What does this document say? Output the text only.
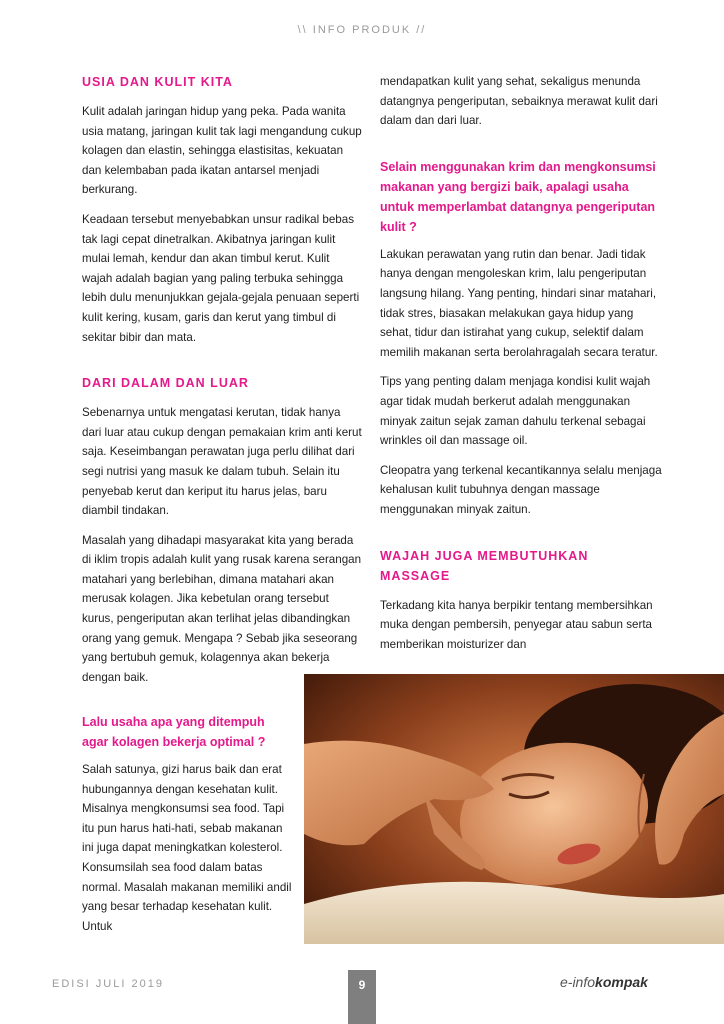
\\ INFO PRODUK //
USIA DAN KULIT KITA

Kulit adalah jaringan hidup yang peka. Pada wanita usia matang, jaringan kulit tak lagi mengandung cukup kolagen dan elastin, sehingga elastisitas, kekuatan dan kelembaban pada ikatan antarsel menjadi berkurang.

Keadaan tersebut menyebabkan unsur radikal bebas tak lagi cepat dinetralkan. Akibatnya jaringan kulit mulai lemah, kendur dan akan timbul kerut. Kulit wajah adalah bagian yang paling terbuka sehingga lebih dulu menunjukkan gejala-gejala penuaan seperti kulit kering, kusam, garis dan kerut yang timbul di sekitar bibir dan mata.

DARI DALAM DAN LUAR

Sebenarnya untuk mengatasi kerutan, tidak hanya dari luar atau cukup dengan pemakaian krim anti kerut saja. Keseimbangan perawatan juga perlu dilihat dari segi nutrisi yang masuk ke dalam tubuh. Selain itu penyebab kerut dan keriput itu harus jelas, baru diambil tindakan.

Masalah yang dihadapi masyarakat kita yang berada di iklim tropis adalah kulit yang rusak karena serangan matahari yang berlebihan, dimana matahari akan merusak kolagen. Jika kebetulan orang tersebut kurus, pengeriputan akan terlihat jelas dibandingkan orang yang gemuk. Mengapa ? Sebab jika seseorang yang bertubuh gemuk, kolagennya akan bekerja dengan baik.

Lalu usaha apa yang ditempuh agar kolagen bekerja optimal ?

Salah satunya, gizi harus baik dan erat hubungannya dengan kesehatan kulit. Misalnya mengkonsumsi sea food. Tapi itu pun harus hati-hati, sebab makanan ini juga dapat meningkatkan kolesterol. Konsumsilah sea food dalam batas normal. Masalah makanan memiliki andil yang besar terhadap kesehatan kulit. Untuk

mendapatkan kulit yang sehat, sekaligus menunda datangnya pengeriputan, sebaiknya merawat kulit dari dalam dan dari luar.

Selain menggunakan krim dan mengkonsumsi makanan yang bergizi baik, apalagi usaha untuk memperlambat datangnya pengeriputan kulit ?

Lakukan perawatan yang rutin dan benar. Jadi tidak hanya dengan mengoleskan krim, lalu pengeriputan langsung hilang. Yang penting, hindari sinar matahari, tidak stres, biasakan melakukan gaya hidup yang sehat, tidur dan istirahat yang cukup, selektif dalam memilih makanan serta berolahragalah secara teratur.

Tips yang penting dalam menjaga kondisi kulit wajah agar tidak mudah berkerut adalah menggunakan minyak zaitun sejak zaman dahulu terkenal sebagai wrinkles oil dan massage oil.

Cleopatra yang terkenal kecantikannya selalu menjaga kehalusan kulit tubuhnya dengan massage menggunakan minyak zaitun.

WAJAH JUGA MEMBUTUHKAN MASSAGE

Terkadang kita hanya berpikir tentang membersihkan muka dengan pembersih, penyegar atau sabun serta memberikan moisturizer dan

EDISI JULI 2019	9	e-infokompak
